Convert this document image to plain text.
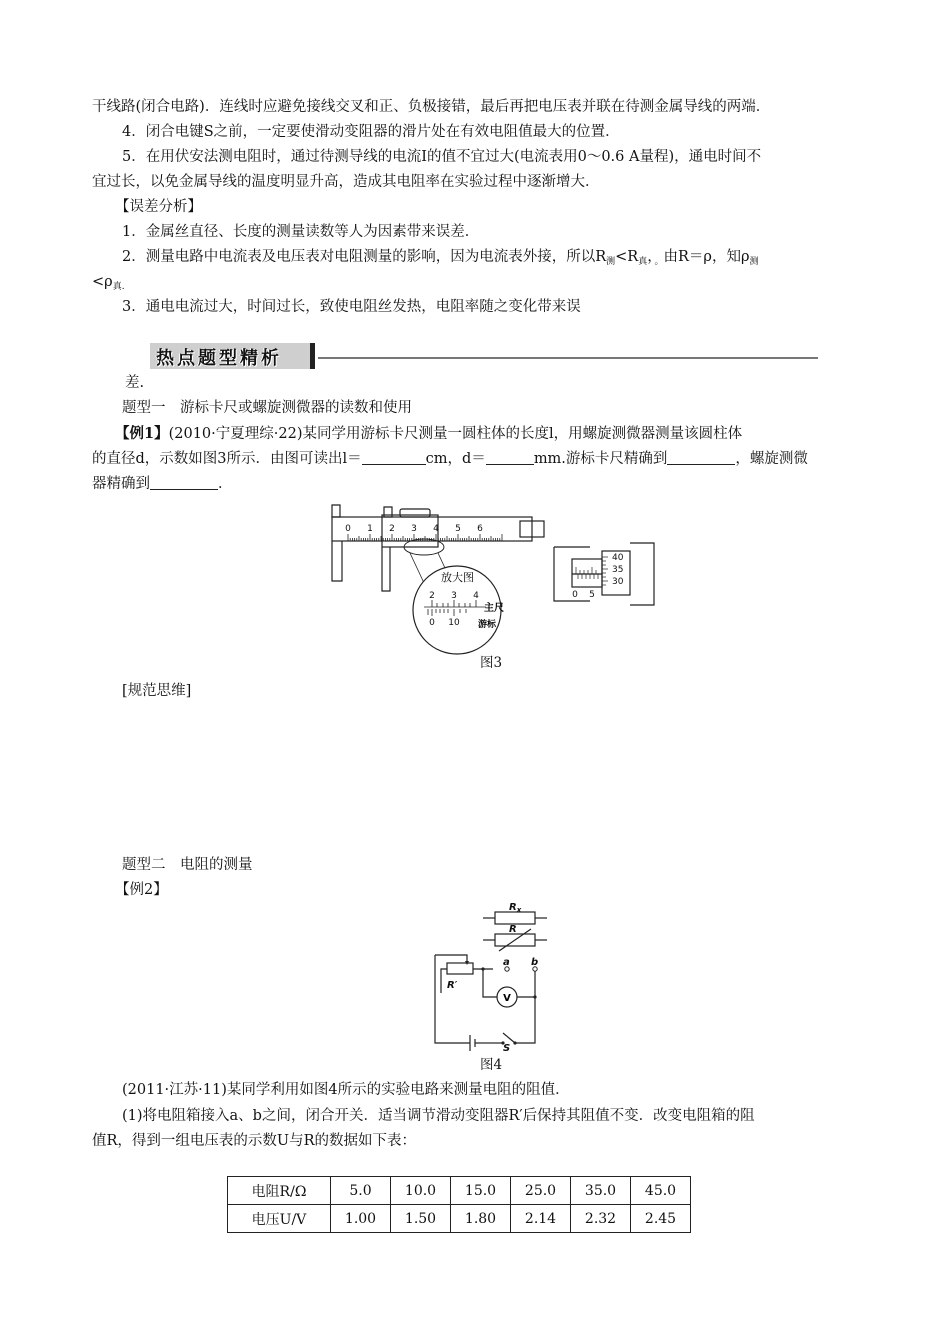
干线路(闭合电路)．连线时应避免接线交叉和正、负极接错，最后再把电压表并联在待测金属导线的两端．
4．闭合电键S之前，一定要使滑动变阻器的滑片处在有效电阻值最大的位置．
5．在用伏安法测电阻时，通过待测导线的电流I的值不宜过大(电流表用0～0.6 A量程)，通电时间不
宜过长，以免金属导线的温度明显升高，造成其电阻率在实验过程中逐渐增大．
【误差分析】
1．金属丝直径、长度的测量读数等人为因素带来误差．
2．测量电路中电流表及电压表对电阻测量的影响，因为电流表外接，所以$R_测<R_真$，$_。$由R＝ρ，知$\rho_测$
$<\rho_{真.}$
3．通电电流过大，时间过长，致使电阻丝发热，电阻率随之变化带来误
热点题型精析
差.
题型一　游标卡尺或螺旋测微器的读数和使用
【例1】(2010·宁夏理综·22)某同学用游标卡尺测量一圆柱体的长度l，用螺旋测微器测量该圆柱体
的直径d，示数如图3所示．由图可读出l＝	cm，d＝	mm.游标卡尺精确到	，螺旋测微
器精确到	．
0 1 2 3 4 5 6
放大图
2 3 4
0 10
主尺
游标
0 5
40
35
30
图3
[规范思维]
题型二　电阻的测量
【例2】
$R_x$
R
R′
a b
S
V
图4
(2011·江苏·11)某同学利用如图4所示的实验电路来测量电阻的阻值．
(1)将电阻箱接入a、b之间，闭合开关．适当调节滑动变阻器R′后保持其阻值不变．改变电阻箱的阻
值R，得到一组电压表的示数U与R的数据如下表：
电阻R/Ω	5.0	10.0	15.0	25.0	35.0	45.0
电压U/V	1.00	1.50	1.80	2.14	2.32	2.45
